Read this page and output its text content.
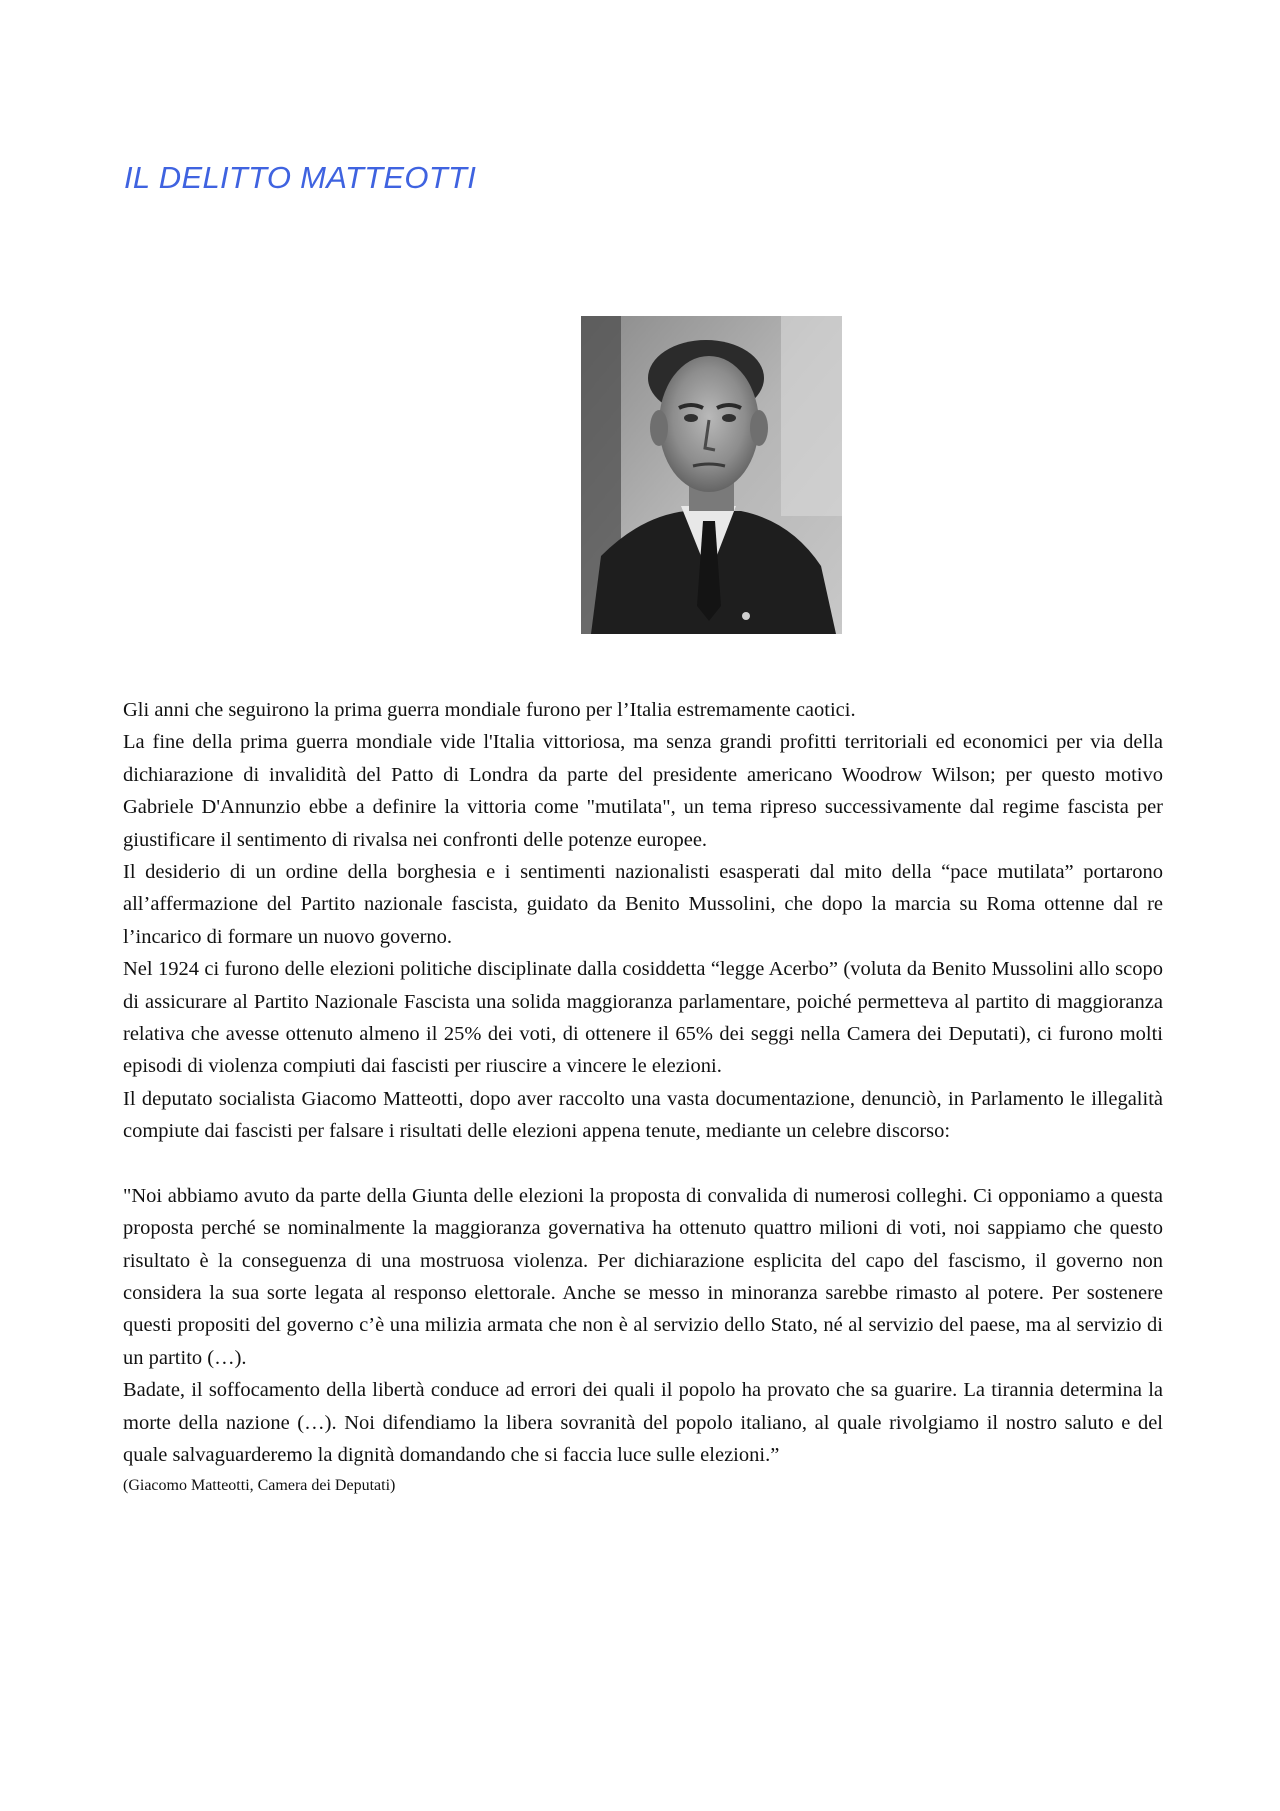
IL DELITTO MATTEOTTI

Gli anni che seguirono la prima guerra mondiale furono per l’Italia estremamente caotici.

La fine della prima guerra mondiale vide l'Italia vittoriosa, ma senza grandi profitti territoriali ed economici per via della dichiarazione di invalidità del Patto di Londra da parte del presidente americano Woodrow Wilson; per questo motivo Gabriele D'Annunzio ebbe a definire la vittoria come "mutilata", un tema ripreso successivamente dal regime fascista per giustificare il sentimento di rivalsa nei confronti delle potenze europee.

Il desiderio di un ordine della borghesia e i sentimenti nazionalisti esasperati dal mito della “pace mutilata” portarono all’affermazione del Partito nazionale fascista, guidato da Benito Mussolini, che dopo la marcia su Roma ottenne dal re l’incarico di formare un nuovo governo.

Nel 1924 ci furono delle elezioni politiche disciplinate dalla cosiddetta “legge Acerbo” (voluta da Benito Mussolini allo scopo di assicurare al Partito Nazionale Fascista una solida maggioranza parlamentare, poiché permetteva al partito di maggioranza relativa che avesse ottenuto almeno il 25% dei voti, di ottenere il 65% dei seggi nella Camera dei Deputati), ci furono molti episodi di violenza compiuti dai fascisti per riuscire a vincere le elezioni.

Il deputato socialista Giacomo Matteotti, dopo aver raccolto una vasta documentazione, denunciò, in Parlamento le illegalità compiute dai fascisti per falsare i risultati delle elezioni appena tenute, mediante un celebre discorso:

"Noi abbiamo avuto da parte della Giunta delle elezioni la proposta di convalida di numerosi colleghi. Ci opponiamo a questa proposta perché se nominalmente la maggioranza governativa ha ottenuto quattro milioni di voti, noi sappiamo che questo risultato è la conseguenza di una mostruosa violenza. Per dichiarazione esplicita del capo del fascismo, il governo non considera la sua sorte legata al responso elettorale. Anche se messo in minoranza sarebbe rimasto al potere. Per sostenere questi propositi del governo c’è una milizia armata che non è al servizio dello Stato, né al servizio del paese, ma al servizio di un partito (…).

Badate, il soffocamento della libertà conduce ad errori dei quali il popolo ha provato che sa guarire. La tirannia determina la morte della nazione (…). Noi difendiamo la libera sovranità del popolo italiano, al quale rivolgiamo il nostro saluto e del quale salvaguarderemo la dignità domandando che si faccia luce sulle elezioni.”

(Giacomo Matteotti, Camera dei Deputati)
